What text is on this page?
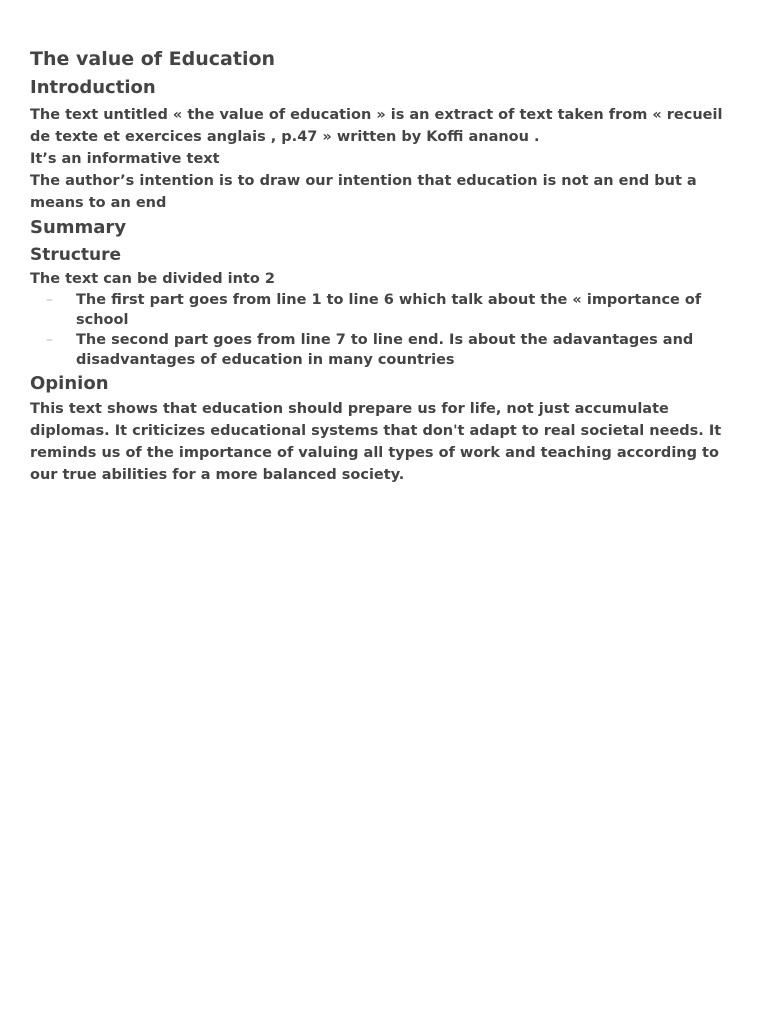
The value of Education
Introduction

The text untitled « the value of education » is an extract of text taken from « recueil de texte et exercices anglais , p.47 » written by Koffi ananou .

It’s an informative text

The author’s intention is to draw our intention that education is not an end but a means to an end

Summary
Structure

The text can be divided into 2

– The first part goes from line 1 to line 6 which talk about the « importance of school
– The second part goes from line 7 to line end. Is about the adavantages and disadvantages of education in many countries
Opinion

This text shows that education should prepare us for life, not just accumulate diplomas. It criticizes educational systems that don't adapt to real societal needs. It reminds us of the importance of valuing all types of work and teaching according to our true abilities for a more balanced society.
